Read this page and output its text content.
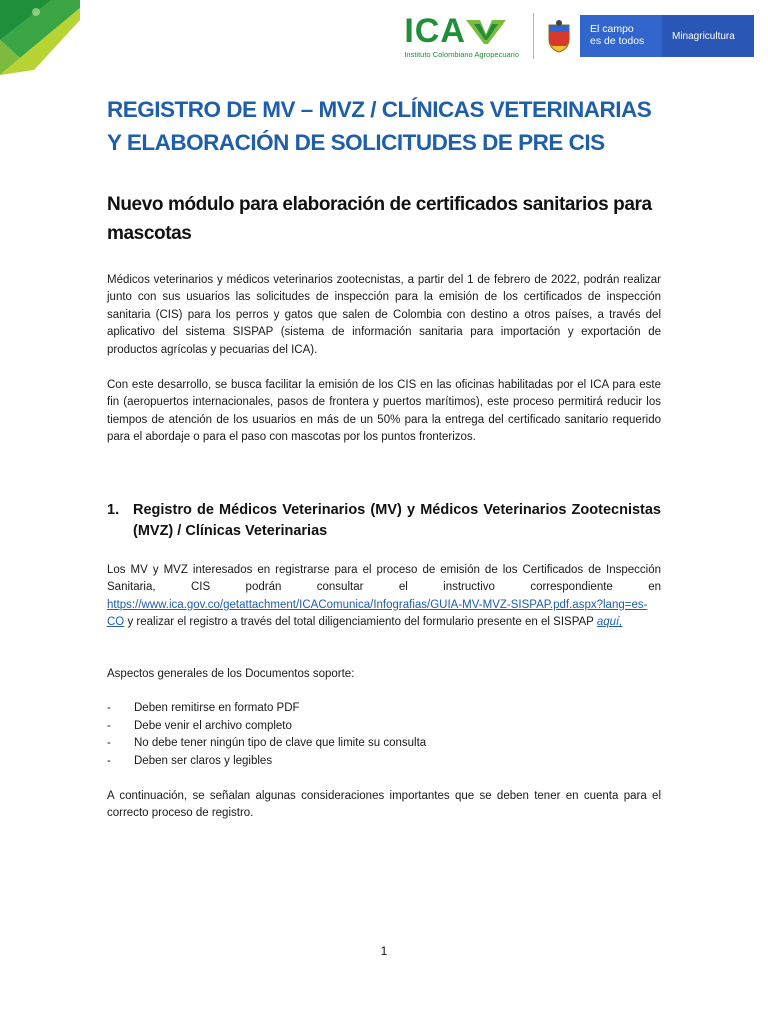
ICA
Instituto Colombiano Agropecuario
El campo
es de todos	Minagricultura
REGISTRO DE MV – MVZ / CLÍNICAS VETERINARIAS
Y ELABORACIÓN DE SOLICITUDES DE PRE CIS
Nuevo módulo para elaboración de certificados sanitarios para mascotas

Médicos veterinarios y médicos veterinarios zootecnistas, a partir del 1 de febrero de 2022, podrán realizar junto con sus usuarios las solicitudes de inspección para la emisión de los certificados de inspección sanitaria (CIS) para los perros y gatos que salen de Colombia con destino a otros países, a través del aplicativo del sistema SISPAP (sistema de información sanitaria para importación y exportación de productos agrícolas y pecuarias del ICA).

Con este desarrollo, se busca facilitar la emisión de los CIS en las oficinas habilitadas por el ICA para este fin (aeropuertos internacionales, pasos de frontera y puertos marítimos), este proceso permitirá reducir los tiempos de atención de los usuarios en más de un 50% para la entrega del certificado sanitario requerido para el abordaje o para el paso con mascotas por los puntos fronterizos.

1. Registro de Médicos Veterinarios (MV) y Médicos Veterinarios Zootecnistas (MVZ) / Clínicas Veterinarias

Los MV y MVZ interesados en registrarse para el proceso de emisión de los Certificados de Inspección Sanitaria, CIS podrán consultar el instructivo correspondiente en https://www.ica.gov.co/getattachment/ICAComunica/Infografias/GUIA-MV-MVZ-SISPAP.pdf.aspx?lang=es-CO y realizar el registro a través del total diligenciamiento del formulario presente en el SISPAP aquí,

Aspectos generales de los Documentos soporte:

-	Deben remitirse en formato PDF
-	Debe venir el archivo completo
-	No debe tener ningún tipo de clave que limite su consulta
-	Deben ser claros y legibles

A continuación, se señalan algunas consideraciones importantes que se deben tener en cuenta para el correcto proceso de registro.

1
